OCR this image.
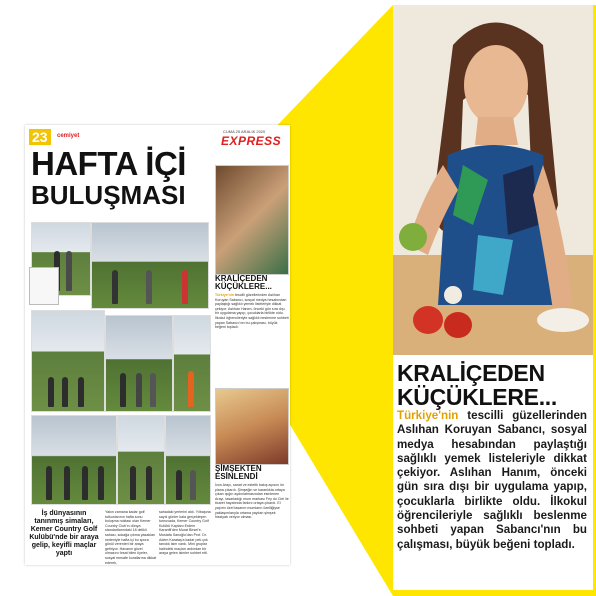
23	cemiyet
CUMA 25 ARALIK 2020
EXPRESS
HAFTA İÇİ
BULUŞMASI
İş dünyasının tanınmış simaları, Kemer Country Golf Kulübü'nde bir araya gelip, keyifli maçlar yaptı
Yakın zamana kadar golf tutkunlarının hafta sonu buluşma noktası olan Kemer Country Club'ın dünya standartlarındaki 18 delikli sahası, sokağa çıkma yasakları nedeniyle hafta içi bu spora gönül verenleri bir araya getiriyor. Havanın güzel olmasını fırsat bilen üyeler, sosyal mesafe kurallarına dikkat ederek,
sahadaki yerlerini aldı. Yılbaşına sayılı günler kala gerçekleşen turnuvada, Kemer Country Golf Kulübü Kaptanı Erdem Karanfil'den Murat Birsel'e, Mustafa Sanoğlu'dan Prof. Dr. Adem Karataş'a kadar pek çok tanıdık isim vardı. Mini gruplar halindeki maçları ardından bir araya gelen isimler sohbet etti.
KRALİÇEDEN KÜÇÜKLERE...
Türkiye'nin tescilli güzellerinden Aslıhan Koruyan Sabancı, sosyal medya hesabından paylaştığı sağlıklı yemek listeleriyle dikkat çekiyor. Aslıhan Hanım, önceki gün sıra dışı bir uygulama yapıp, çocuklarla birlikte oldu. İlkokul öğrencileriyle sağlıklı beslenme sohbeti yapan Sabancı'nın bu çalışması, büyük beğeni topladı.
ŞİMŞEKTEN ESİNLENDİ
İvon Arayı, sanat ve estetik bakış açısını ön plana çıkardı. Şimşeğin ve karanlıkta ortaya çıkan ışığın aydınlatmasından esinlenen Arayı, tasarladığı mum markası Fey du Ciel ile ticaret hayatında farkını ortaya çıkardı. El yapımı özel tasarım mumların özelliğiyse yaklaşımlarıyla ortama yayılan şimşek hissiyatı veriyor olması.
KRALİÇEDEN KÜÇÜKLERE...
Türkiye'nin tescilli güzellerinden Aslıhan Koruyan Sabancı, sosyal medya hesabından paylaştığı sağlıklı yemek listeleriyle dikkat çekiyor. Aslıhan Hanım, önceki gün sıra dışı bir uygulama yapıp, çocuklarla birlikte oldu. İlkokul öğrencileriyle sağlıklı beslenme sohbeti yapan Sabancı'nın bu çalışması, büyük beğeni topladı.
